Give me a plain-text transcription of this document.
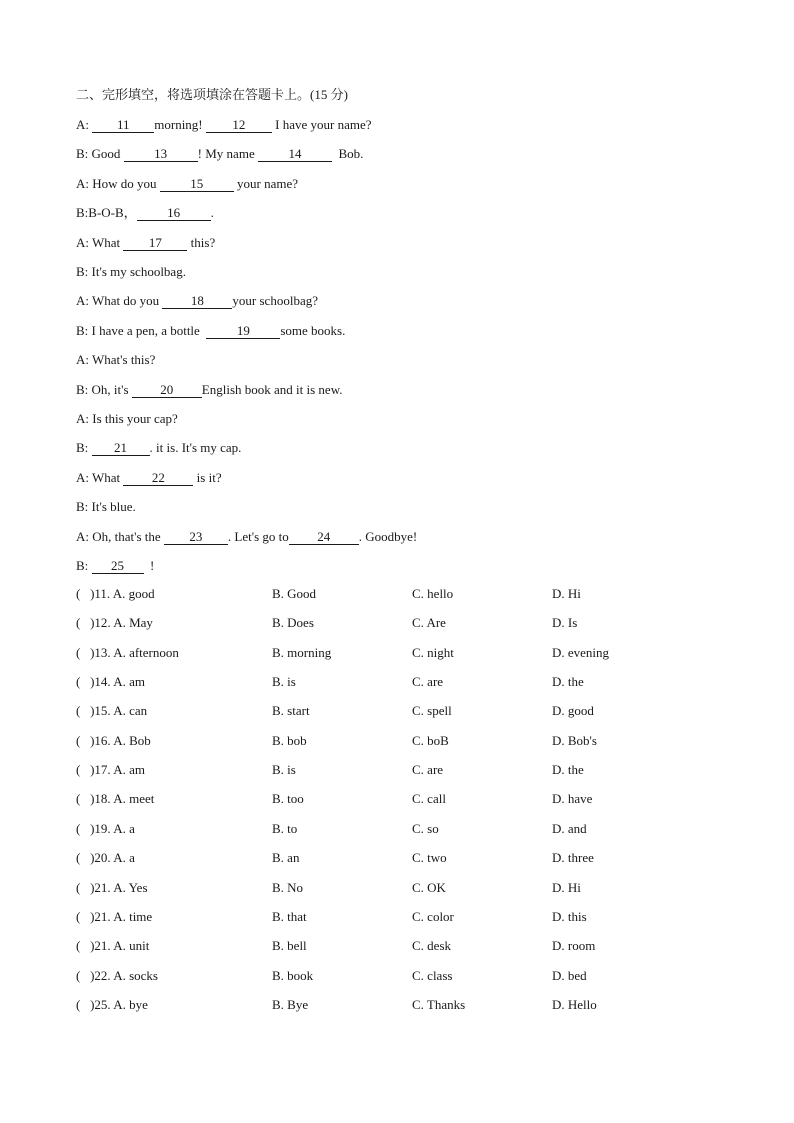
二、完形填空，将选项填涂在答题卡上。(15 分)
A: 11 morning! 12 I have your name?
B: Good 13 ! My name 14  Bob.
A: How do you 15 your name?
B:B-O-B， 16 .
A: What 17 this?
B: It's my schoolbag.
A: What do you 18 your schoolbag?
B: I have a pen, a bottle  19 some books.
A: What's this?
B: Oh, it's 20 English book and it is new.
A: Is this your cap?
B: 21 . it is. It's my cap.
A: What 22 is it?
B: It's blue.
A: Oh, that's the 23 . Let's go to 24 . Goodbye!
B: 25  !
(   )11. A. good	B. Good	C. hello	D. Hi
(   )12. A. May	B. Does	C. Are	D. Is
(   )13. A. afternoon	B. morning	C. night	D. evening
(   )14. A. am	B. is	C. are	D. the
(   )15. A. can	B. start	C. spell	D. good
(   )16. A. Bob	B. bob	C. boB	D. Bob's
(   )17. A. am	B. is	C. are	D. the
(   )18. A. meet	B. too	C. call	D. have
(   )19. A. a	B. to	C. so	D. and
(   )20. A. a	B. an	C. two	D. three
(   )21. A. Yes	B. No	C. OK	D. Hi
(   )21. A. time	B. that	C. color	D. this
(   )21. A. unit	B. bell	C. desk	D. room
(   )22. A. socks	B. book	C. class	D. bed
(   )25. A. bye	B. Bye	C. Thanks	D. Hello
